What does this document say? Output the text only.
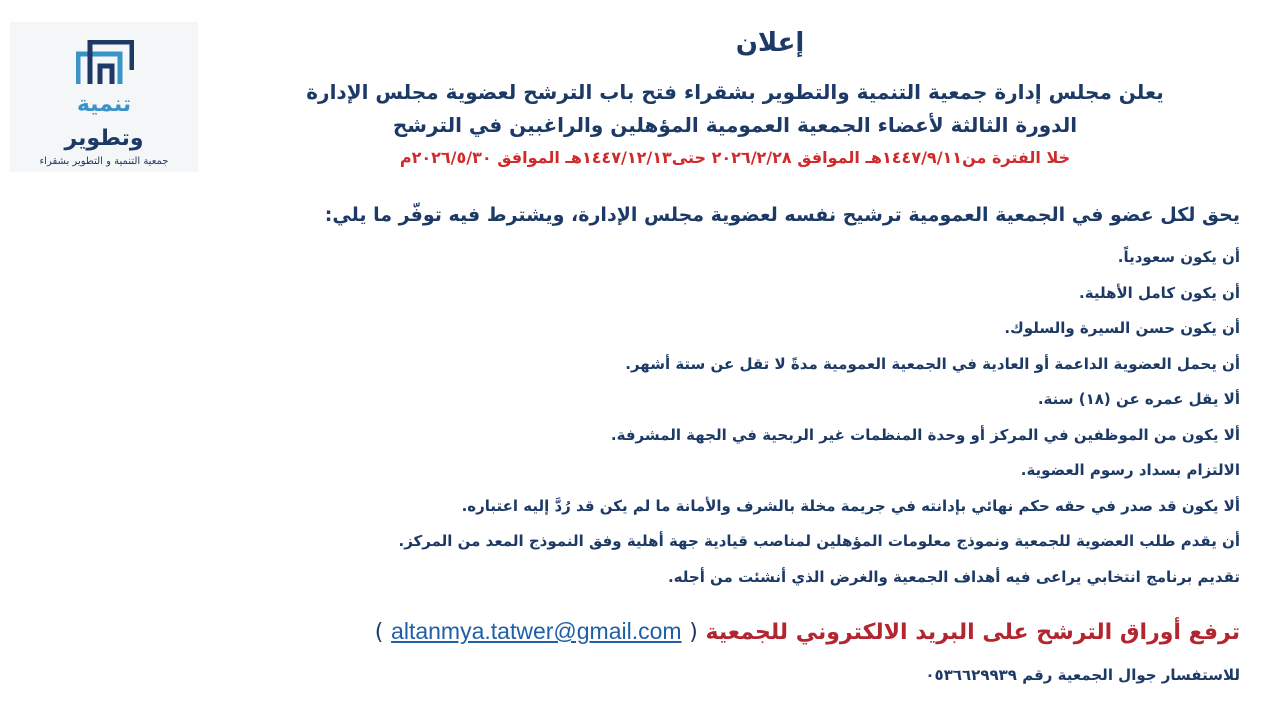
تنمية
وتطوير
جمعية التنمية و التطوير بشقراء
إعلان
يعلن مجلس إدارة جمعية التنمية والتطوير بشقراء فتح باب الترشح لعضوية مجلس الإدارة
الدورة الثالثة لأعضاء الجمعية العمومية المؤهلين والراغبين في الترشح
خلا الفترة من١٤٤٧/٩/١١هـ الموافق ٢٠٢٦/٢/٢٨ حتى١٤٤٧/١٢/١٣هـ الموافق ٢٠٢٦/٥/٣٠م
يحق لكل عضو في الجمعية العمومية ترشيح نفسه لعضوية مجلس الإدارة، ويشترط فيه توفّر ما يلي:
أن يكون سعودياً.
أن يكون كامل الأهلية.
أن يكون حسن السيرة والسلوك.
أن يحمل العضوية الداعمة أو العادية في الجمعية العمومية مدةً لا تقل عن ستة أشهر.
ألا يقل عمره عن (١٨) سنة.
ألا يكون من الموظفين في المركز أو وحدة المنظمات غير الربحية في الجهة المشرفة.
الالتزام بسداد رسوم العضوية.
ألا يكون قد صدر في حقه حكم نهائي بإدانته في جريمة مخلة بالشرف والأمانة ما لم يكن قد رُدَّ إليه اعتباره.
أن يقدم طلب العضوية للجمعية ونموذج معلومات المؤهلين لمناصب قيادية جهة أهلية وفق النموذج المعد من المركز.
تقديم برنامج انتخابي يراعى فيه أهداف الجمعية والغرض الذي أنشئت من أجله.
ترفع أوراق الترشح على البريد الالكتروني للجمعية ( altanmya.tatwer@gmail.com )
للاستفسار جوال الجمعية رقم ٠٥٣٦٦٢٩٩٣٩
